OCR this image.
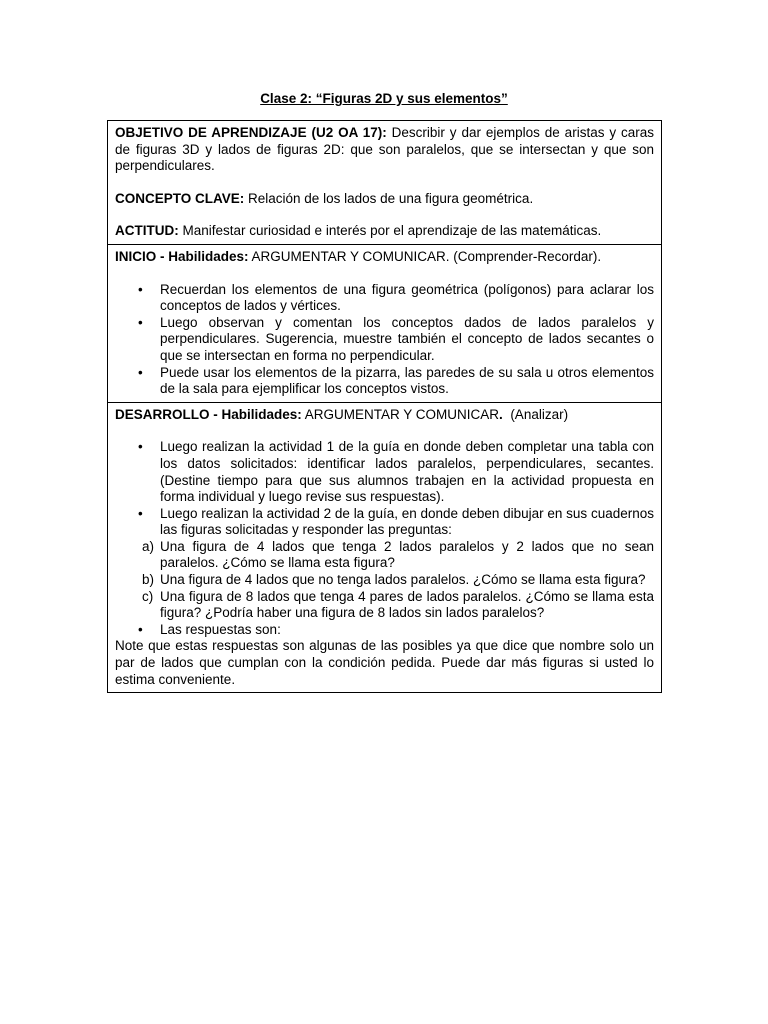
Clase 2: “Figuras 2D y sus elementos”

OBJETIVO DE APRENDIZAJE (U2 OA 17): Describir y dar ejemplos de aristas y caras de figuras 3D y lados de figuras 2D: que son paralelos, que se intersectan y que son perpendiculares.

CONCEPTO CLAVE: Relación de los lados de una figura geométrica.

ACTITUD: Manifestar curiosidad e interés por el aprendizaje de las matemáticas.

INICIO - Habilidades: ARGUMENTAR Y COMUNICAR. (Comprender-Recordar).

• Recuerdan los elementos de una figura geométrica (polígonos) para aclarar los conceptos de lados y vértices.
• Luego observan y comentan los conceptos dados de lados paralelos y perpendiculares. Sugerencia, muestre también el concepto de lados secantes o que se intersectan en forma no perpendicular.
• Puede usar los elementos de la pizarra, las paredes de su sala u otros elementos de la sala para ejemplificar los conceptos vistos.

DESARROLLO - Habilidades: ARGUMENTAR Y COMUNICAR.  (Analizar)

• Luego realizan la actividad 1 de la guía en donde deben completar una tabla con los datos solicitados: identificar lados paralelos, perpendiculares, secantes. (Destine tiempo para que sus alumnos trabajen en la actividad propuesta en forma individual y luego revise sus respuestas).
• Luego realizan la actividad 2 de la guía, en donde deben dibujar en sus cuadernos las figuras solicitadas y responder las preguntas:
a) Una figura de 4 lados que tenga 2 lados paralelos y 2 lados que no sean paralelos. ¿Cómo se llama esta figura?
b) Una figura de 4 lados que no tenga lados paralelos. ¿Cómo se llama esta figura?
c) Una figura de 8 lados que tenga 4 pares de lados paralelos. ¿Cómo se llama esta figura? ¿Podría haber una figura de 8 lados sin lados paralelos?
• Las respuestas son:

Note que estas respuestas son algunas de las posibles ya que dice que nombre solo un par de lados que cumplan con la condición pedida. Puede dar más figuras si usted lo estima conveniente.
